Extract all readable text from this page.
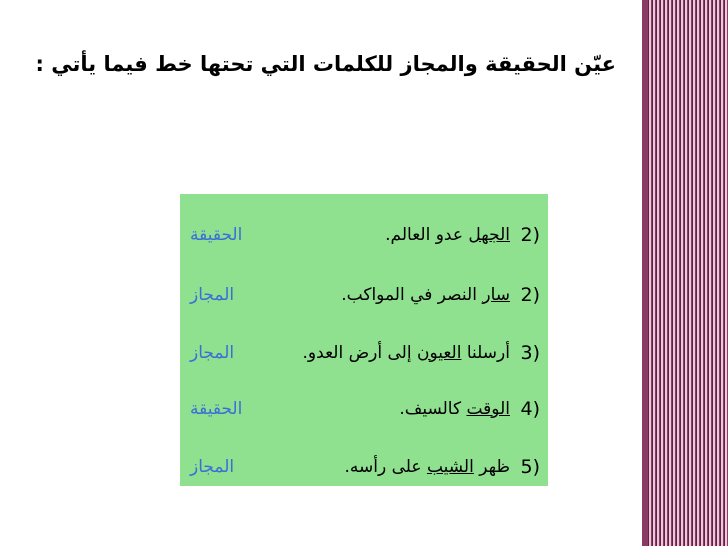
عيّن الحقيقة والمجاز للكلمات التي تحتها خط فيما يأتي :
2)
الجهل عدو العالم.
الحقيقة
2)
سار النصر في المواكب.
المجاز
3)
أرسلنا العيون إلى أرض العدو.
المجاز
4)
الوقت كالسيف.
الحقيقة
5)
ظهر الشيب على رأسه.
المجاز
